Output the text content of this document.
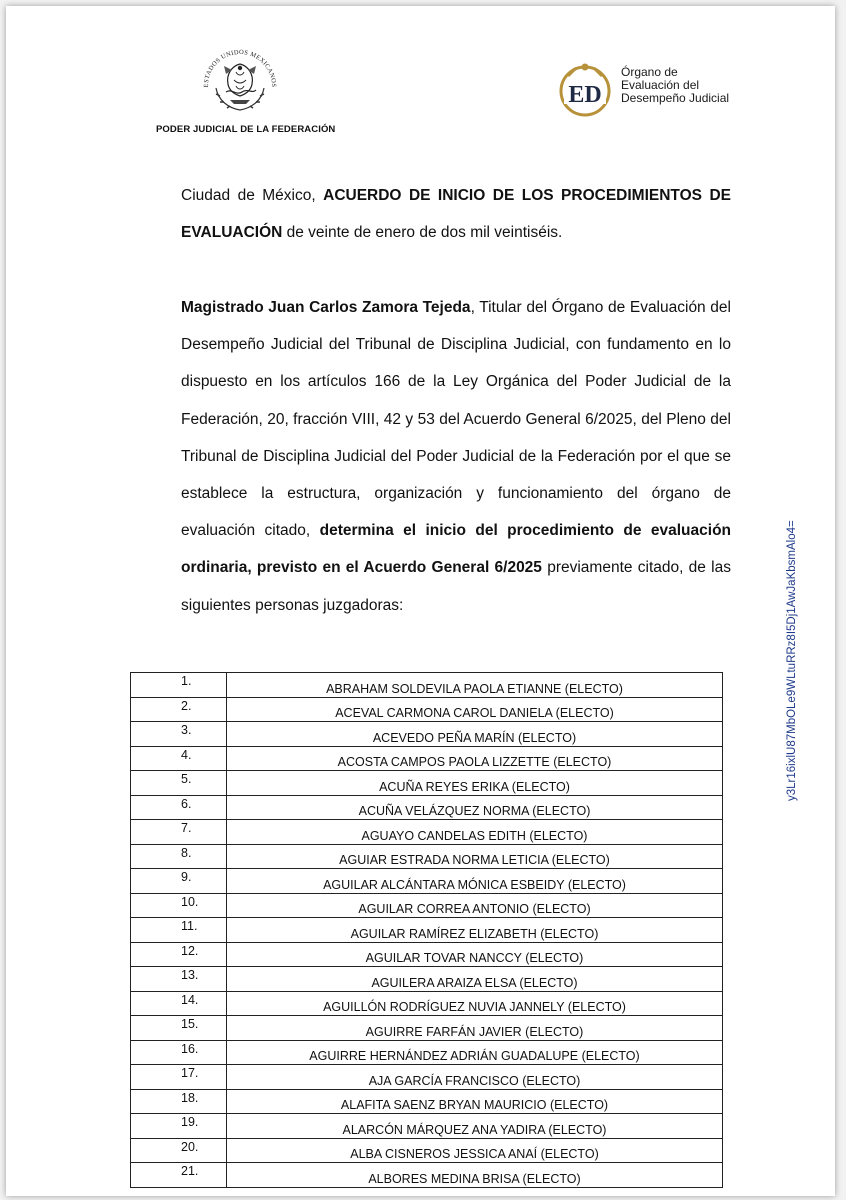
ESTADOS UNIDOS MEXICANOS
PODER JUDICIAL DE LA FEDERACIÓN
ED
Órgano de
Evaluación del
Desempeño Judicial
Ciudad de México, ACUERDO DE INICIO DE LOS PROCEDIMIENTOS DE EVALUACIÓN de veinte de enero de dos mil veintiséis.
Magistrado Juan Carlos Zamora Tejeda, Titular del Órgano de Evaluación del Desempeño Judicial del Tribunal de Disciplina Judicial, con fundamento en lo dispuesto en los artículos 166 de la Ley Orgánica del Poder Judicial de la Federación, 20, fracción VIII, 42 y 53 del Acuerdo General 6/2025, del Pleno del Tribunal de Disciplina Judicial del Poder Judicial de la Federación por el que se establece la estructura, organización y funcionamiento del órgano de evaluación citado, determina el inicio del procedimiento de evaluación ordinaria, previsto en el Acuerdo General 6/2025 previamente citado, de las siguientes personas juzgadoras:	y3Lr16ixlU87MbOLe9WLtuRRz8I5Dj1AwJaKbsmAlo4=
1.	ABRAHAM SOLDEVILA PAOLA ETIANNE (ELECTO)
2.	ACEVAL CARMONA CAROL DANIELA (ELECTO)
3.	ACEVEDO PEÑA MARÍN (ELECTO)
4.	ACOSTA CAMPOS PAOLA LIZZETTE (ELECTO)
5.	ACUÑA REYES ERIKA (ELECTO)
6.	ACUÑA VELÁZQUEZ NORMA (ELECTO)
7.	AGUAYO CANDELAS EDITH (ELECTO)
8.	AGUIAR ESTRADA NORMA LETICIA (ELECTO)
9.	AGUILAR ALCÁNTARA MÓNICA ESBEIDY (ELECTO)
10.	AGUILAR CORREA ANTONIO (ELECTO)
11.	AGUILAR RAMÍREZ ELIZABETH (ELECTO)
12.	AGUILAR TOVAR NANCCY (ELECTO)
13.	AGUILERA ARAIZA ELSA (ELECTO)
14.	AGUILLÓN RODRÍGUEZ NUVIA JANNELY (ELECTO)
15.	AGUIRRE FARFÁN JAVIER (ELECTO)
16.	AGUIRRE HERNÁNDEZ ADRIÁN GUADALUPE (ELECTO)
17.	AJA GARCÍA FRANCISCO (ELECTO)
18.	ALAFITA SAENZ BRYAN MAURICIO (ELECTO)
19.	ALARCÓN MÁRQUEZ ANA YADIRA (ELECTO)
20.	ALBA CISNEROS JESSICA ANAÍ (ELECTO)
21.	ALBORES MEDINA BRISA (ELECTO)
